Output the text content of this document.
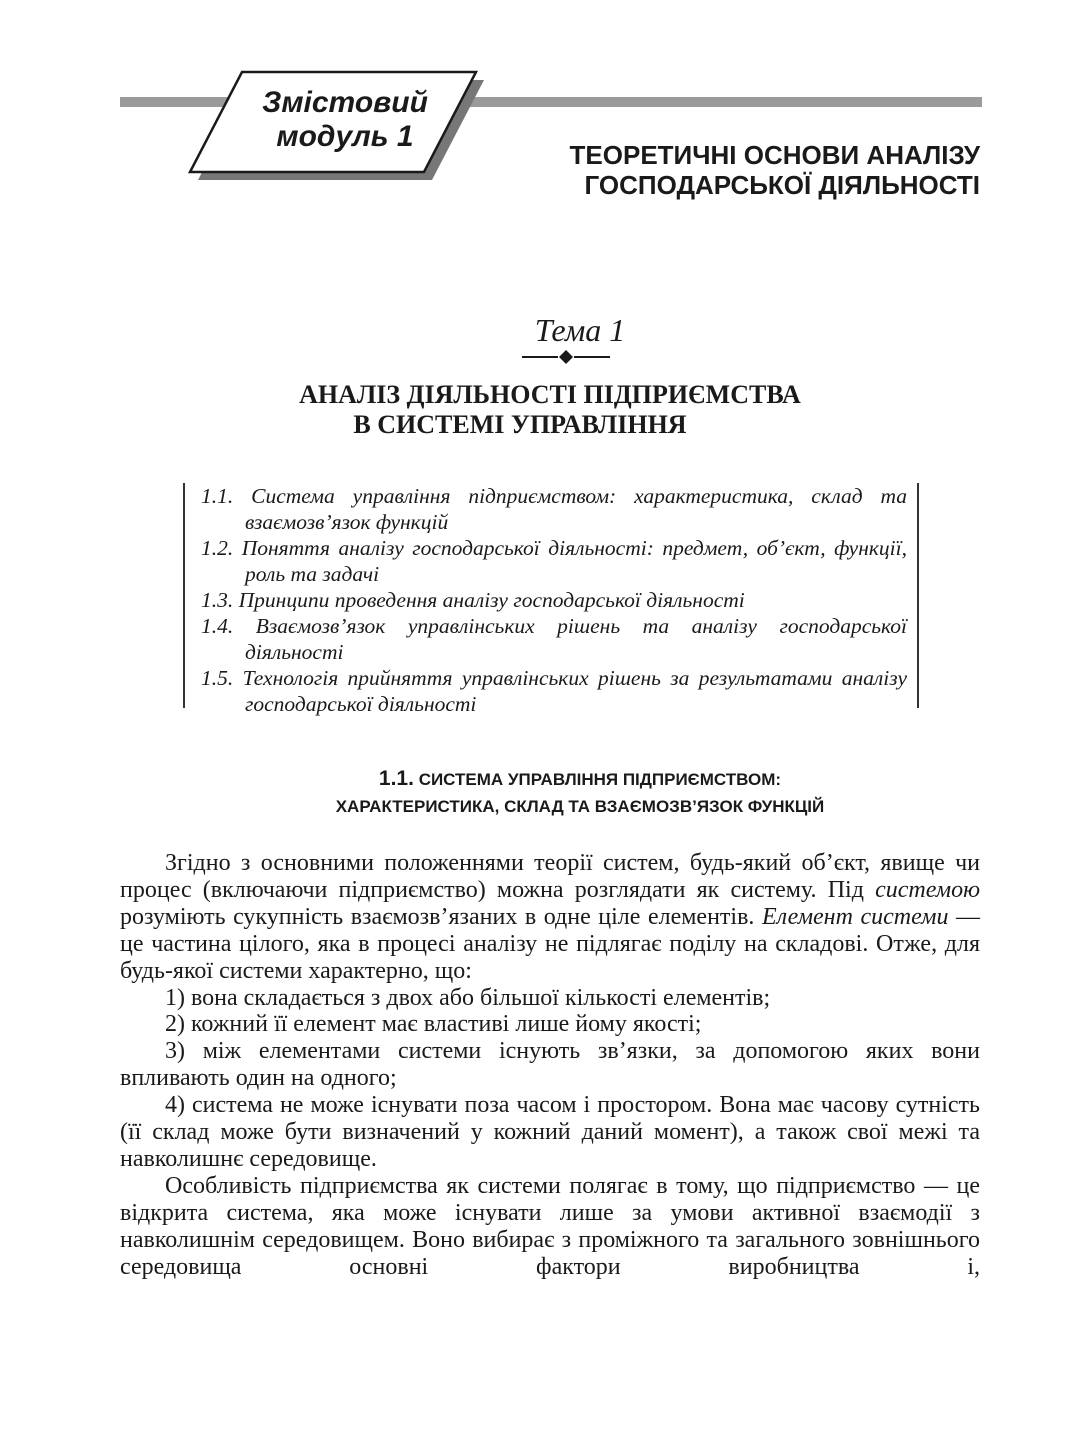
Змістовий
модуль 1
ТЕОРЕТИЧНІ ОСНОВИ АНАЛІЗУ
ГОСПОДАРСЬКОЇ ДІЯЛЬНОСТІ
Тема 1
АНАЛІЗ ДІЯЛЬНОСТІ ПІДПРИЄМСТВА
В СИСТЕМІ УПРАВЛІННЯ
1.1. Система управління підприємством: характеристика, склад та взаємозв’язок функцій
1.2. Поняття аналізу господарської діяльності: предмет, об’єкт, функції, роль та задачі
1.3. Принципи проведення аналізу господарської діяльності
1.4. Взаємозв’язок управлінських рішень та аналізу господарської діяльності
1.5. Технологія прийняття управлінських рішень за результатами аналізу господарської діяльності
1.1. СИСТЕМА УПРАВЛІННЯ ПІДПРИЄМСТВОМ:
ХАРАКТЕРИСТИКА, СКЛАД ТА ВЗАЄМОЗВ’ЯЗОК ФУНКЦІЙ

Згідно з основними положеннями теорії систем, будь-який об’єкт, явище чи процес (включаючи підприємство) можна розглядати як систему. Під системою розуміють сукупність взаємозв’язаних в одне ціле елементів. Елемент системи — це частина цілого, яка в процесі аналізу не підлягає поділу на складові. Отже, для будь-якої системи характерно, що:

1) вона складається з двох або більшої кількості елементів;

2) кожний її елемент має властиві лише йому якості;

3) між елементами системи існують зв’язки, за допомогою яких вони впливають один на одного;

4) система не може існувати поза часом і простором. Вона має часову сутність (її склад може бути визначений у кожний даний момент), а також свої межі та навколишнє середовище.

Особливість підприємства як системи полягає в тому, що підприємство — це відкрита система, яка може існувати лише за умови активної взаємодії з навколишнім середовищем. Воно вибирає з проміжного та загального зовнішнього середовища основні фактори виробництва і,
